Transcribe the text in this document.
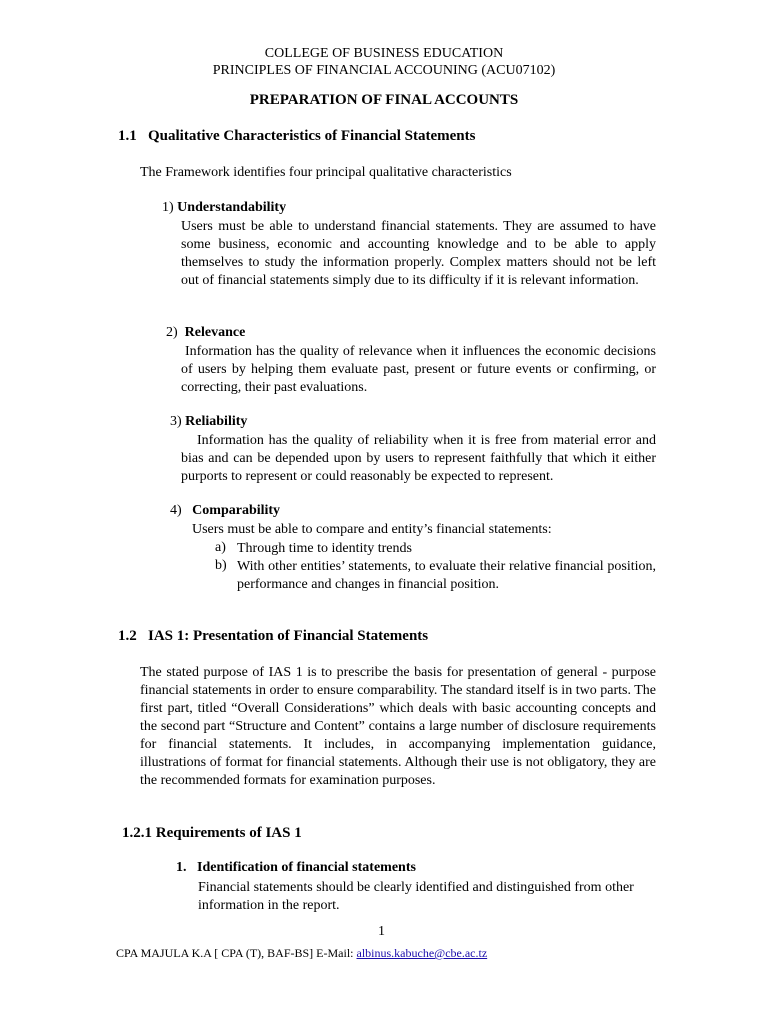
COLLEGE OF BUSINESS EDUCATION
PRINCIPLES OF FINANCIAL ACCOUNING (ACU07102)
PREPARATION OF FINAL ACCOUNTS
1.1 Qualitative Characteristics of Financial Statements
The Framework identifies four principal qualitative characteristics
1) Understandability
Users must be able to understand financial statements. They are assumed to have some business, economic and accounting knowledge and to be able to apply themselves to study the information properly. Complex matters should not be left out of financial statements simply due to its difficulty if it is relevant information.
2) Relevance
Information has the quality of relevance when it influences the economic decisions of users by helping them evaluate past, present or future events or confirming, or correcting, their past evaluations.
3) Reliability
Information has the quality of reliability when it is free from material error and bias and can be depended upon by users to represent faithfully that which it either purports to represent or could reasonably be expected to represent.
4) Comparability
Users must be able to compare and entity’s financial statements:
a) Through time to identity trends
b) With other entities’ statements, to evaluate their relative financial position, performance and changes in financial position.
1.2 IAS 1: Presentation of Financial Statements
The stated purpose of IAS 1 is to prescribe the basis for presentation of general - purpose financial statements in order to ensure comparability. The standard itself is in two parts. The first part, titled “Overall Considerations” which deals with basic accounting concepts and the second part “Structure and Content” contains a large number of disclosure requirements for financial statements. It includes, in accompanying implementation guidance, illustrations of format for financial statements. Although their use is not obligatory, they are the recommended formats for examination purposes.
1.2.1 Requirements of IAS 1
1. Identification of financial statements
Financial statements should be clearly identified and distinguished from other information in the report.
1
CPA MAJULA K.A [ CPA (T), BAF-BS] E-Mail: albinus.kabuche@cbe.ac.tz
